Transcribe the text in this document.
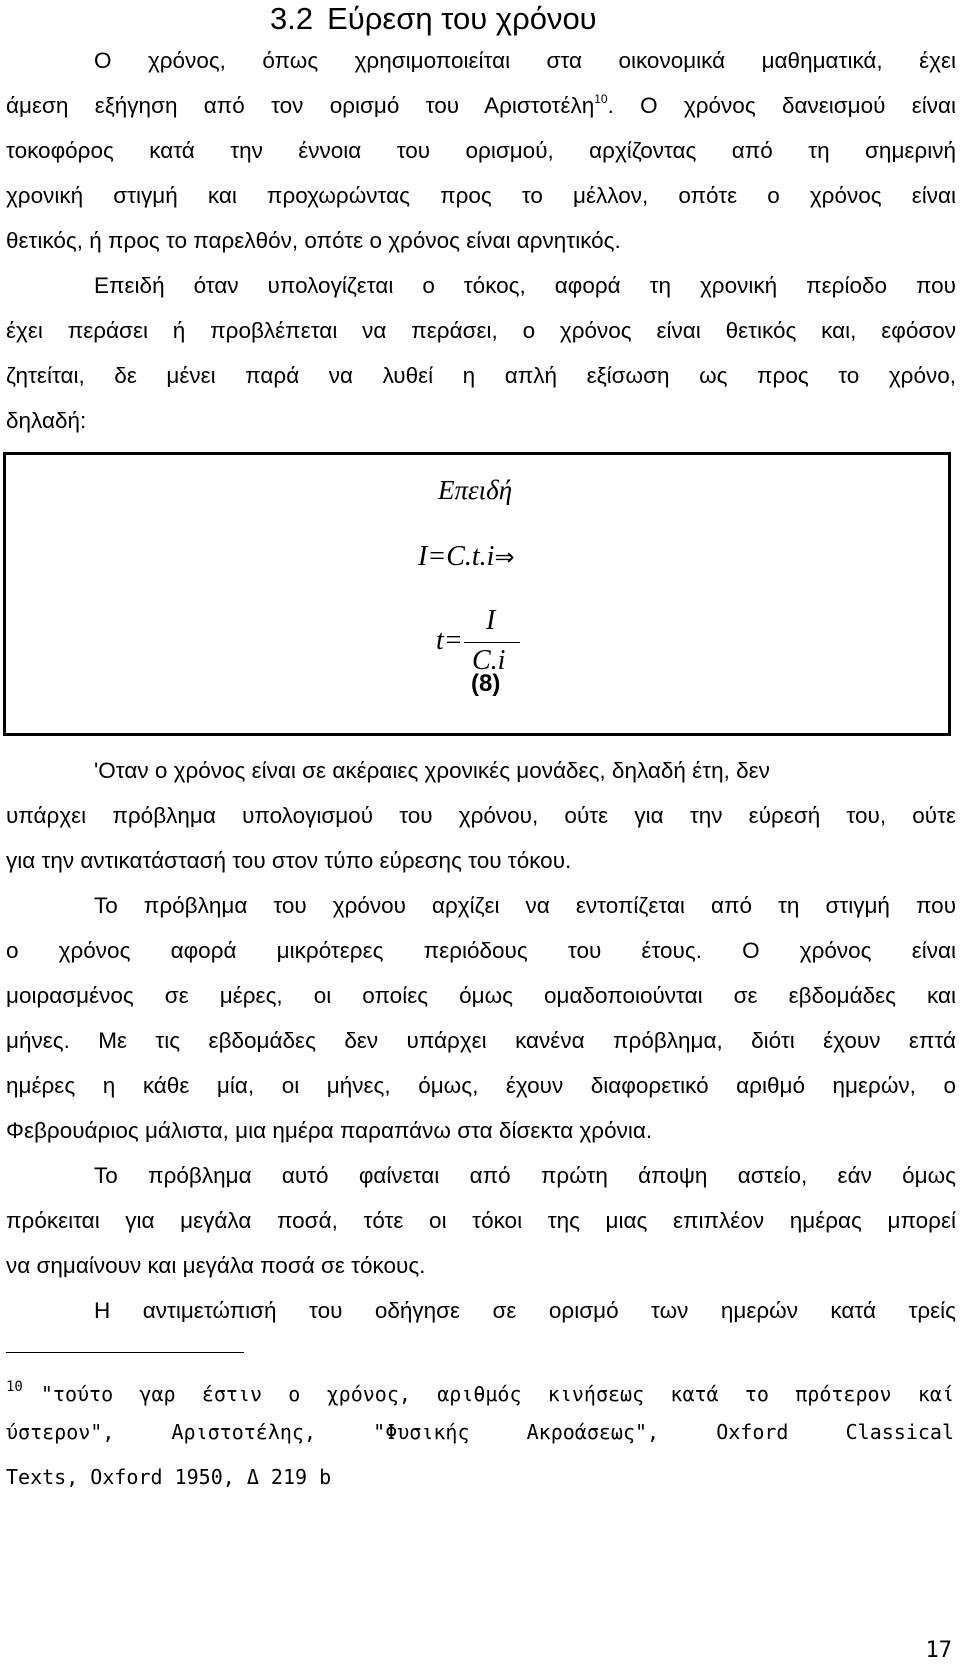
3.2 Εύρεση του χρόνου
Ο χρόνος, όπως χρησιμοποιείται στα οικονομικά μαθηματικά, έχει
άμεση εξήγηση από τον ορισμό του Αριστοτέλη$^{10}$. Ο χρόνος δανεισμού είναι
τοκοφόρος κατά την έννοια του ορισμού, αρχίζοντας από τη σημερινή
χρονική στιγμή και προχωρώντας προς το μέλλον, οπότε ο χρόνος είναι
θετικός, ή προς το παρελθόν, οπότε ο χρόνος είναι αρνητικός.
Επειδή όταν υπολογίζεται ο τόκος, αφορά τη χρονική περίοδο που
έχει περάσει ή προβλέπεται να περάσει, ο χρόνος είναι θετικός και, εφόσον
ζητείται, δε μένει παρά να λυθεί η απλή εξίσωση ως προς το χρόνο,
δηλαδή:
Επειδή
I=C.t.i⇒
t=
I
C.i
(8)
'Οταν ο χρόνος είναι σε ακέραιες χρονικές μονάδες, δηλαδή έτη, δεν
υπάρχει πρόβλημα υπολογισμού του χρόνου, ούτε για την εύρεσή του, ούτε
για την αντικατάστασή του στον τύπο εύρεσης του τόκου.
Το πρόβλημα του χρόνου αρχίζει να εντοπίζεται από τη στιγμή που
ο χρόνος αφορά μικρότερες περιόδους του έτους. Ο χρόνος είναι
μοιρασμένος σε μέρες, οι οποίες όμως ομαδοποιούνται σε εβδομάδες και
μήνες. Με τις εβδομάδες δεν υπάρχει κανένα πρόβλημα, διότι έχουν επτά
ημέρες η κάθε μία, οι μήνες, όμως, έχουν διαφορετικό αριθμό ημερών, ο
Φεβρουάριος μάλιστα, μια ημέρα παραπάνω στα δίσεκτα χρόνια.
Το πρόβλημα αυτό φαίνεται από πρώτη άποψη αστείο, εάν όμως
πρόκειται για μεγάλα ποσά, τότε οι τόκοι της μιας επιπλέον ημέρας μπορεί
να σημαίνουν και μεγάλα ποσά σε τόκους.
Η αντιμετώπισή του οδήγησε σε ορισμό των ημερών κατά τρείς
$^{10}$ "τούτο γαρ έστιν ο χρόνος, αριθμός κινήσεως κατά το πρότερον καί
ύστερον", Αριστοτέλης, "Φυσικής Ακροάσεως", Oxford Classical
Texts, Oxford 1950, Δ 219 b
17
